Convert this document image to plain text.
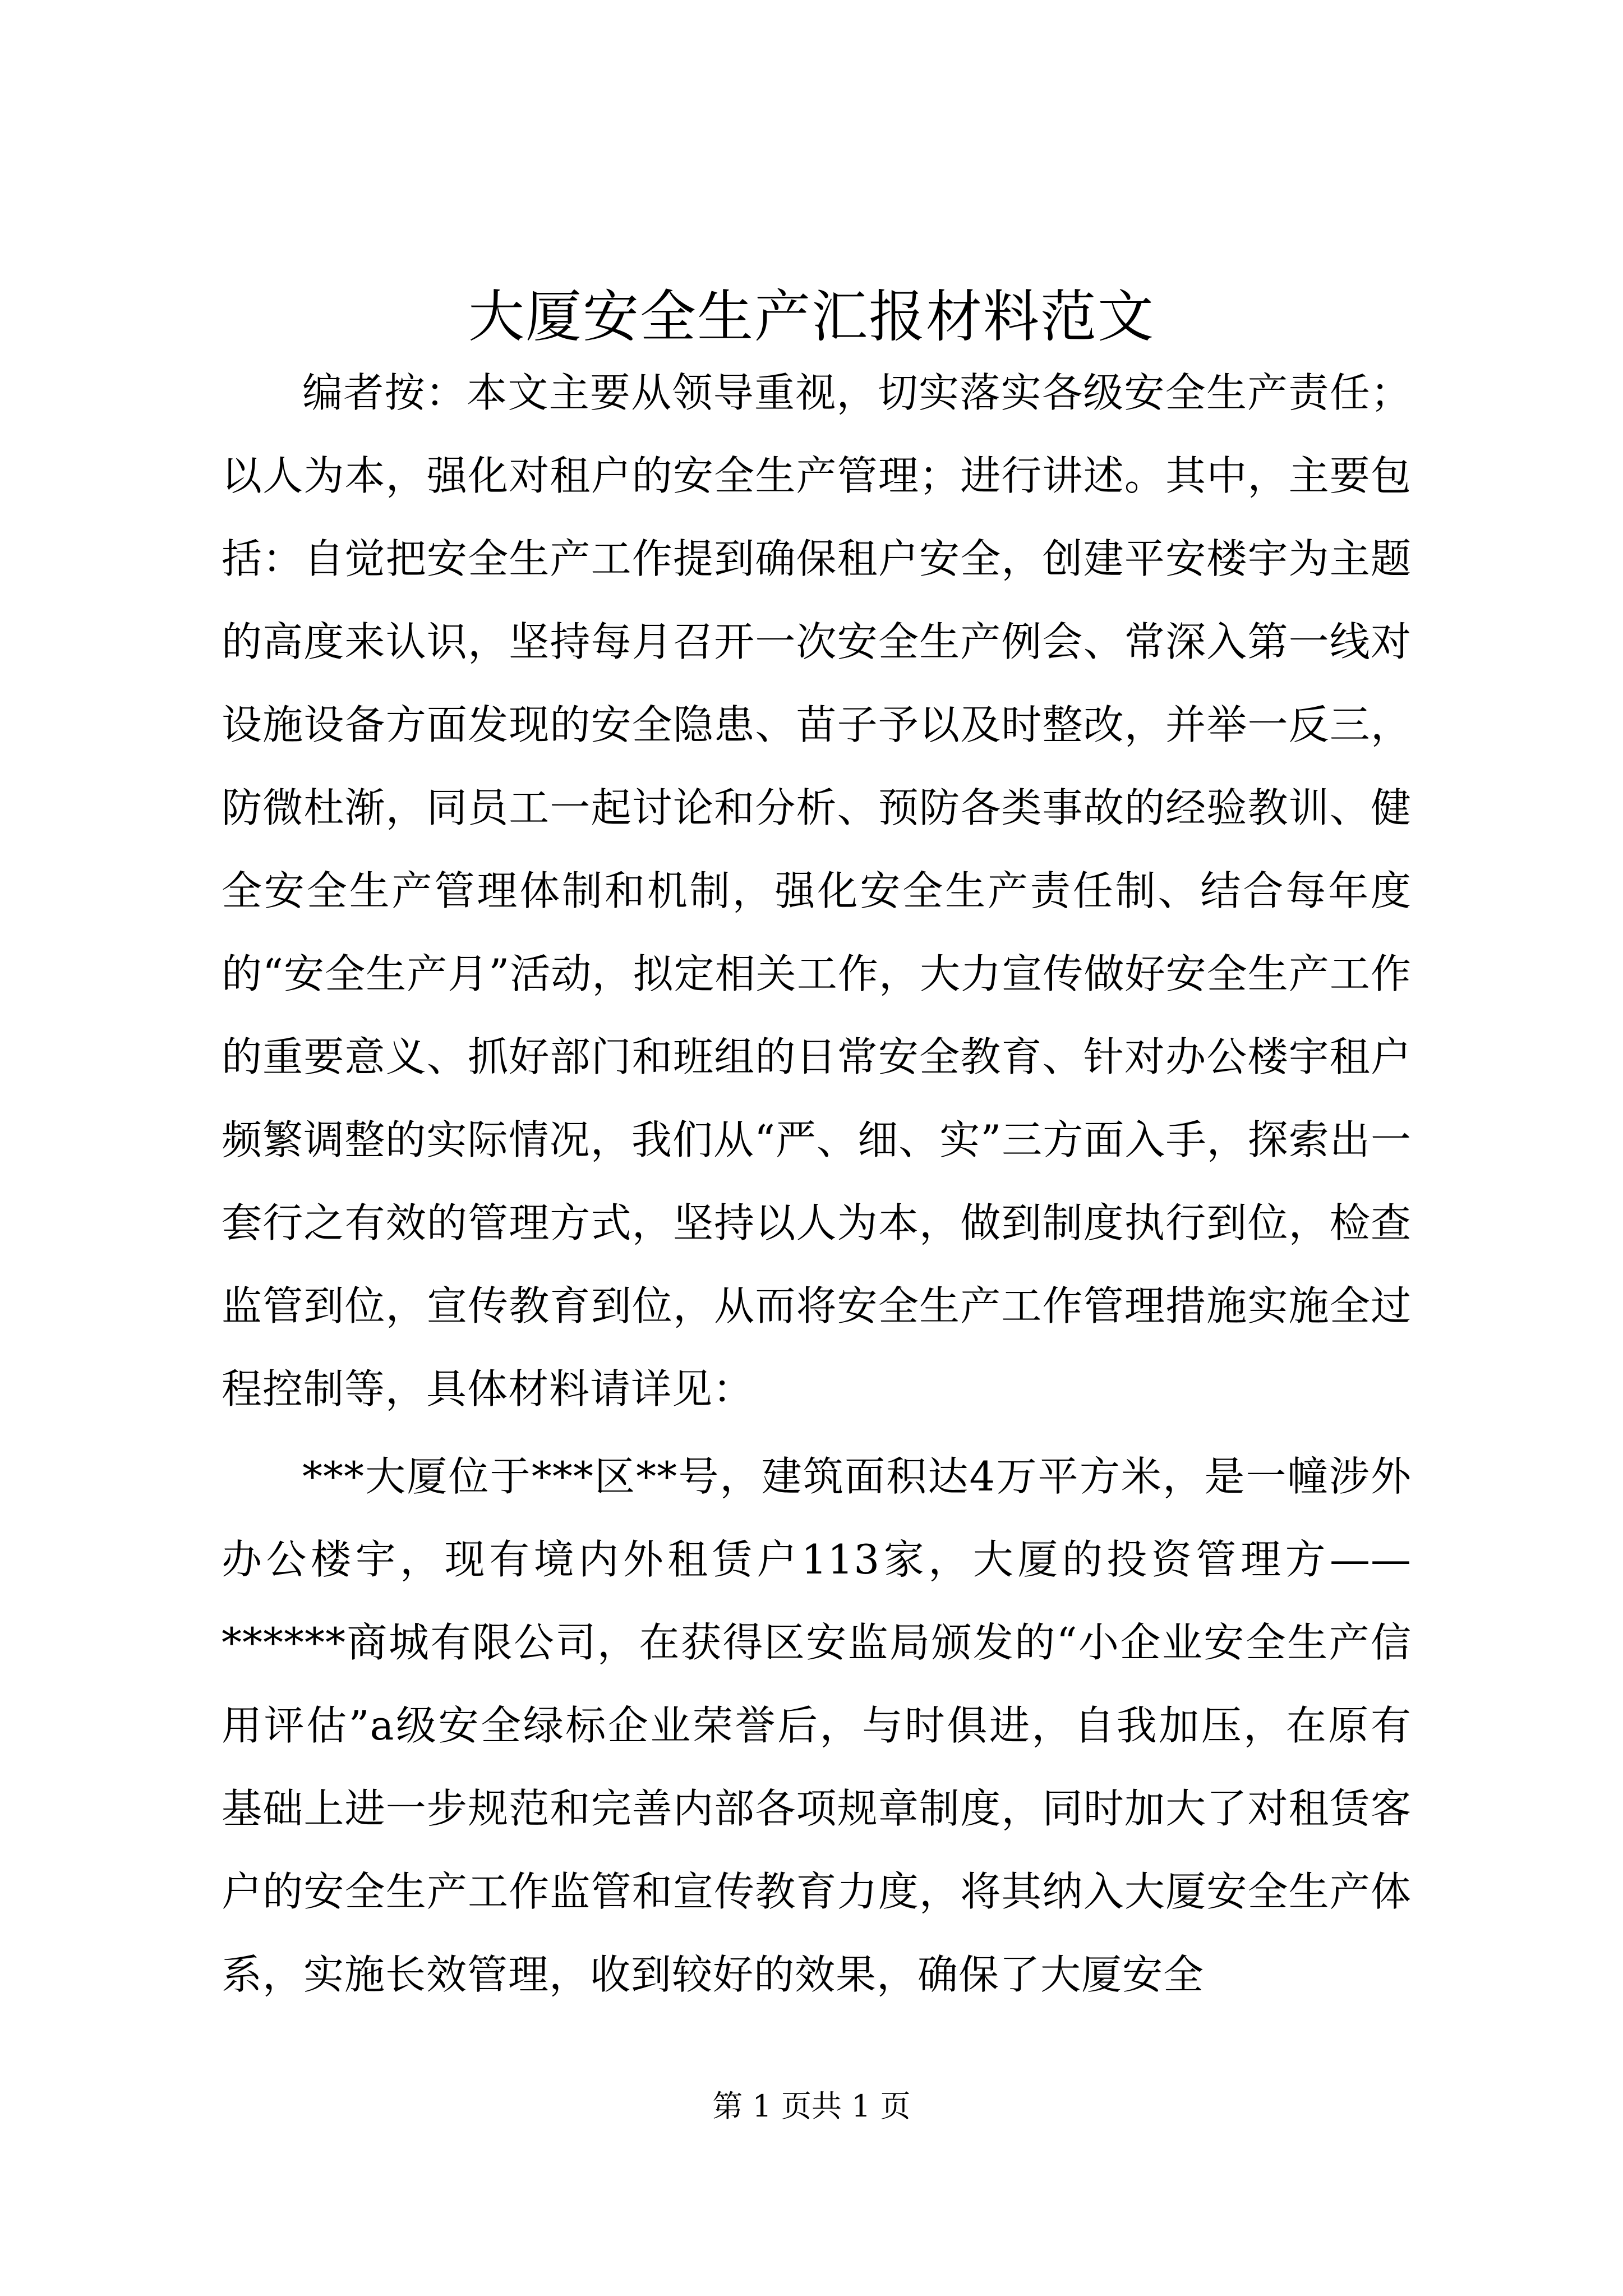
大厦安全生产汇报材料范文

编者按：本文主要从领导重视，切实落实各级安全生产责任；以人为本，强化对租户的安全生产管理；进行讲述。其中，主要包括：自觉把安全生产工作提到确保租户安全，创建平安楼宇为主题的高度来认识，坚持每月召开一次安全生产例会、常深入第一线对设施设备方面发现的安全隐患、苗子予以及时整改，并举一反三，防微杜渐，同员工一起讨论和分析、预防各类事故的经验教训、健全安全生产管理体制和机制，强化安全生产责任制、结合每年度的“安全生产月”活动，拟定相关工作，大力宣传做好安全生产工作的重要意义、抓好部门和班组的日常安全教育、针对办公楼宇租户频繁调整的实际情况，我们从“严、细、实”三方面入手，探索出一套行之有效的管理方式，坚持以人为本，做到制度执行到位，检查监管到位，宣传教育到位，从而将安全生产工作管理措施实施全过程控制等，具体材料请详见：

***大厦位于***区**号，建筑面积达4万平方米，是一幢涉外办公楼宇，现有境内外租赁户113家，大厦的投资管理方——******商城有限公司，在获得区安监局颁发的“小企业安全生产信用评估”a级安全绿标企业荣誉后，与时俱进，自我加压，在原有基础上进一步规范和完善内部各项规章制度，同时加大了对租赁客户的安全生产工作监管和宣传教育力度，将其纳入大厦安全生产体系，实施长效管理，收到较好的效果，确保了大厦安全

第 1 页共 1 页
